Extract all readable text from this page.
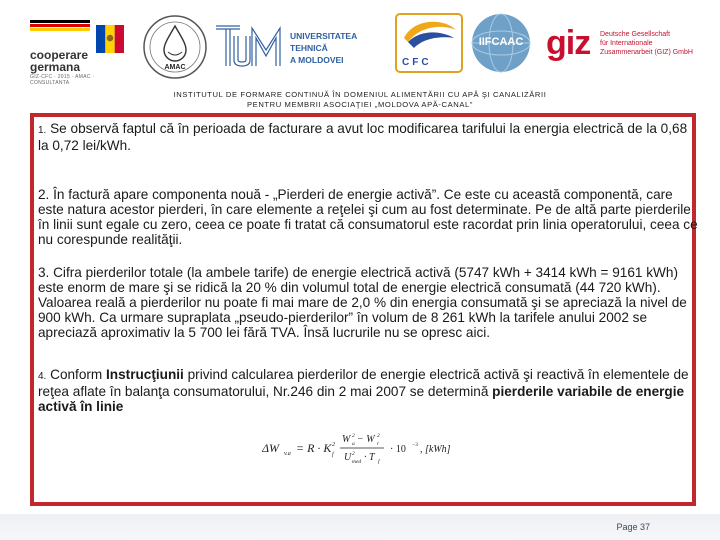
cooperare
germana
GIZ-CFC · 2015 · AMAC · CONSULTANTA
AMAC
UNIVERSITATEA TEHNICĂ
A MOLDOVEI	CFC
IIFCAAC giz Deutsche Gesellschaft
für Internationale
Zusammenarbeit (GIZ) GmbH
INSTITUTUL DE FORMARE CONTINUĂ ÎN DOMENIUL ALIMENTĂRII CU APĂ ŞI CANALIZĂRII
PENTRU MEMBRII ASOCIAŢIEI „MOLDOVA APĂ-CANAL”
1. Se observă faptul că în perioada de facturare a avut loc modificarea tarifului la energia electrică de la 0,68 la 0,72 lei/kWh.
2. În factură apare componenta nouă - „Pierderi de energie activă”. Ce este cu această componentă, care este natura acestor pierderi, în care elemente a reţelei şi cum au fost determinate. Pe de altă parte pierderile în linii sunt egale cu zero, ceea ce poate fi tratat că consumatorul este racordat prin linia operatorului, ceea ce nu corespunde realităţii.
3. Cifra pierderilor totale (la ambele tarife) de energie electrică activă (5747 kWh + 3414 kWh = 9161 kWh) este enorm de mare şi se ridică la 20 % din volumul total de energie electrică consumată (44 720 kWh). Valoarea reală a pierderilor nu poate fi mai mare de 2,0 % din energia consumată şi se apreciază la nivel de 900 kWh. Ca urmare supraplata „pseudo-pierderilor” în volum de 8 261 kWh la tarifele anului 2002 se apreciază aproximativ la 5 700 lei fără TVA. Însă lucrurile nu se opresc aici.
4. Conform Instrucţiunii privind calcularea pierderilor de energie electrică activă şi reactivă în elementele de reţea aflate în balanţa consumatorului, Nr.246 din 2 mai 2007 se determină pierderile variabile de energie activă în linie
ΔW v.a = R · K 2
f
W a
2 − W r
2
U med
2 · T f
· 10 −3 , [kWh]
Page 37
